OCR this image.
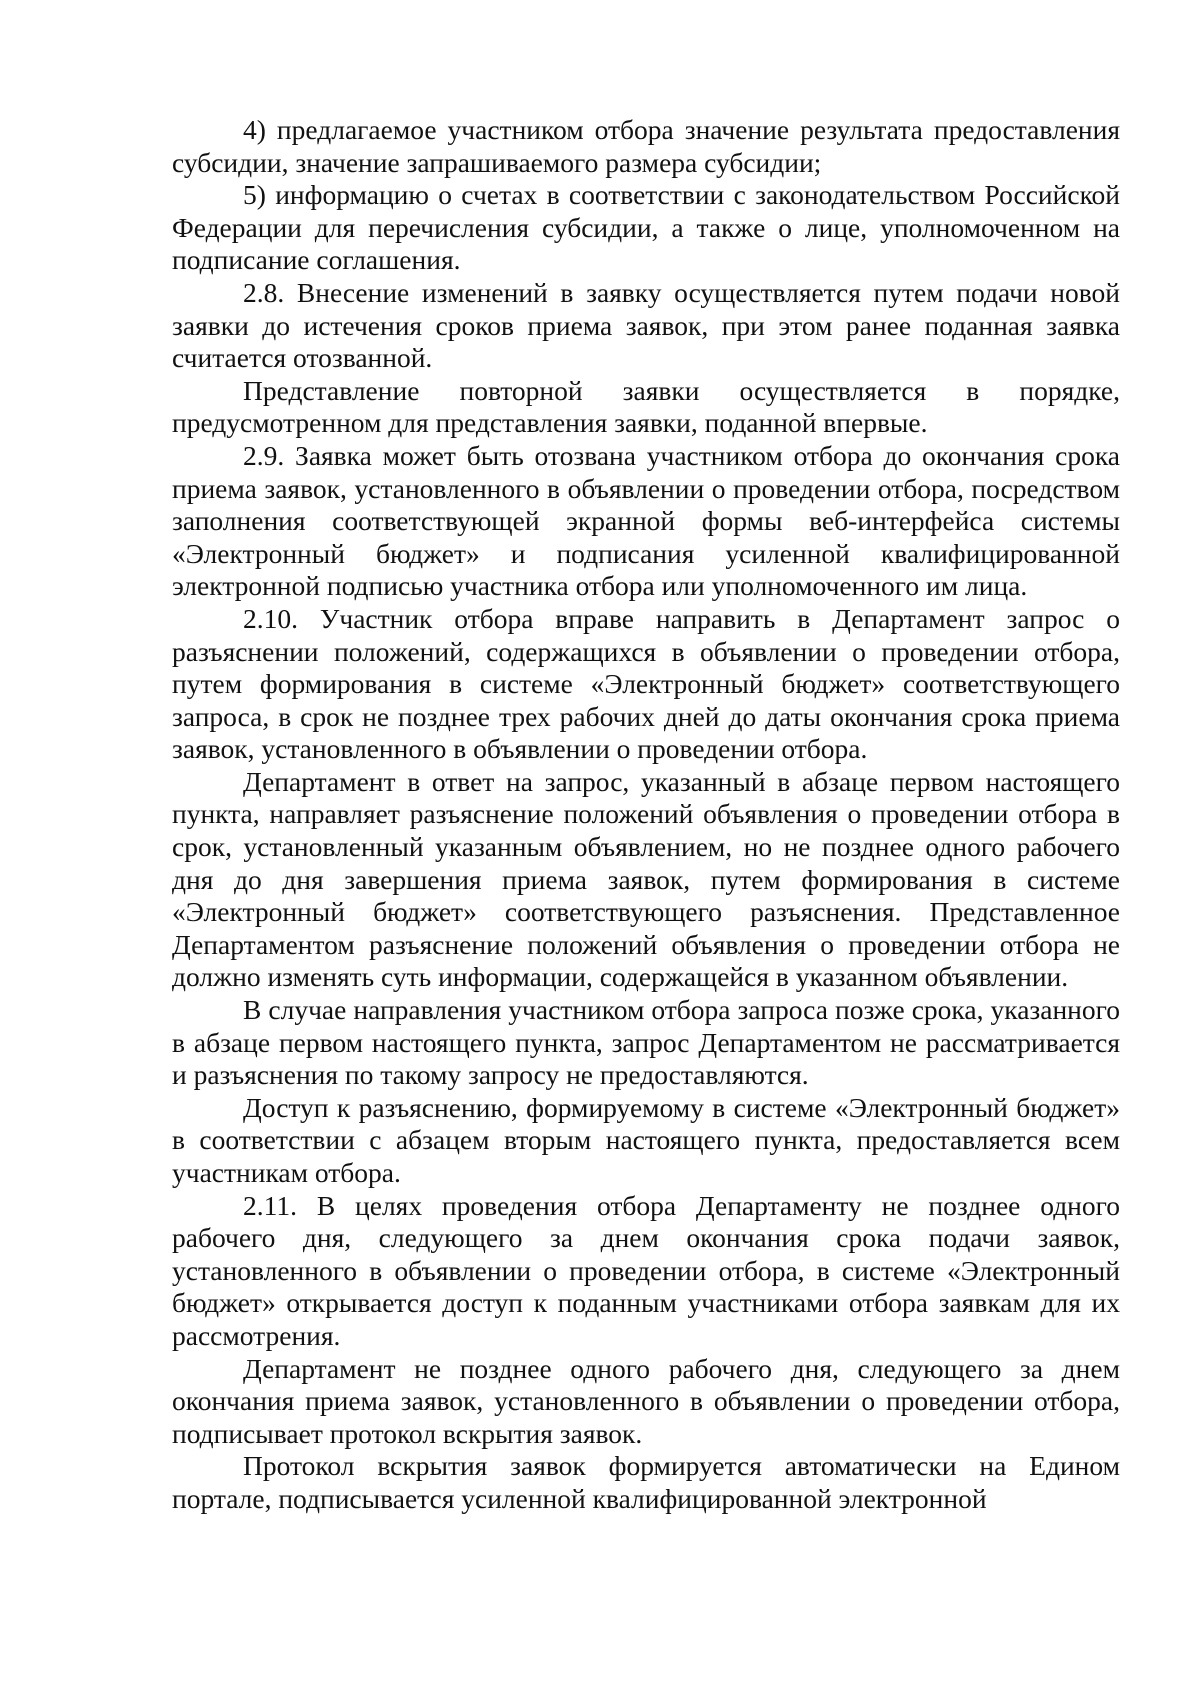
4) предлагаемое участником отбора значение результата предоставления субсидии, значение запрашиваемого размера субсидии;

5) информацию о счетах в соответствии с законодательством Российской Федерации для перечисления субсидии, а также о лице, уполномоченном на подписание соглашения.

2.8. Внесение изменений в заявку осуществляется путем подачи новой заявки до истечения сроков приема заявок, при этом ранее поданная заявка считается отозванной.

Представление повторной заявки осуществляется в порядке, предусмотренном для представления заявки, поданной впервые.

2.9. Заявка может быть отозвана участником отбора до окончания срока приема заявок, установленного в объявлении о проведении отбора, посредством заполнения соответствующей экранной формы веб-интерфейса системы «Электронный бюджет» и подписания усиленной квалифицированной электронной подписью участника отбора или уполномоченного им лица.

2.10. Участник отбора вправе направить в Департамент запрос о разъяснении положений, содержащихся в объявлении о проведении отбора, путем формирования в системе «Электронный бюджет» соответствующего запроса, в срок не позднее трех рабочих дней до даты окончания срока приема заявок, установленного в объявлении о проведении отбора.

Департамент в ответ на запрос, указанный в абзаце первом настоящего пункта, направляет разъяснение положений объявления о проведении отбора в срок, установленный указанным объявлением, но не позднее одного рабочего дня до дня завершения приема заявок, путем формирования в системе «Электронный бюджет» соответствующего разъяснения. Представленное Департаментом разъяснение положений объявления о проведении отбора не должно изменять суть информации, содержащейся в указанном объявлении.

В случае направления участником отбора запроса позже срока, указанного в абзаце первом настоящего пункта, запрос Департаментом не рассматривается и разъяснения по такому запросу не предоставляются.

Доступ к разъяснению, формируемому в системе «Электронный бюджет» в соответствии с абзацем вторым настоящего пункта, предоставляется всем участникам отбора.

2.11. В целях проведения отбора Департаменту не позднее одного рабочего дня, следующего за днем окончания срока подачи заявок, установленного в объявлении о проведении отбора, в системе «Электронный бюджет» открывается доступ к поданным участниками отбора заявкам для их рассмотрения.

Департамент не позднее одного рабочего дня, следующего за днем окончания приема заявок, установленного в объявлении о проведении отбора, подписывает протокол вскрытия заявок.

Протокол вскрытия заявок формируется автоматически на Едином портале, подписывается усиленной квалифицированной электронной
